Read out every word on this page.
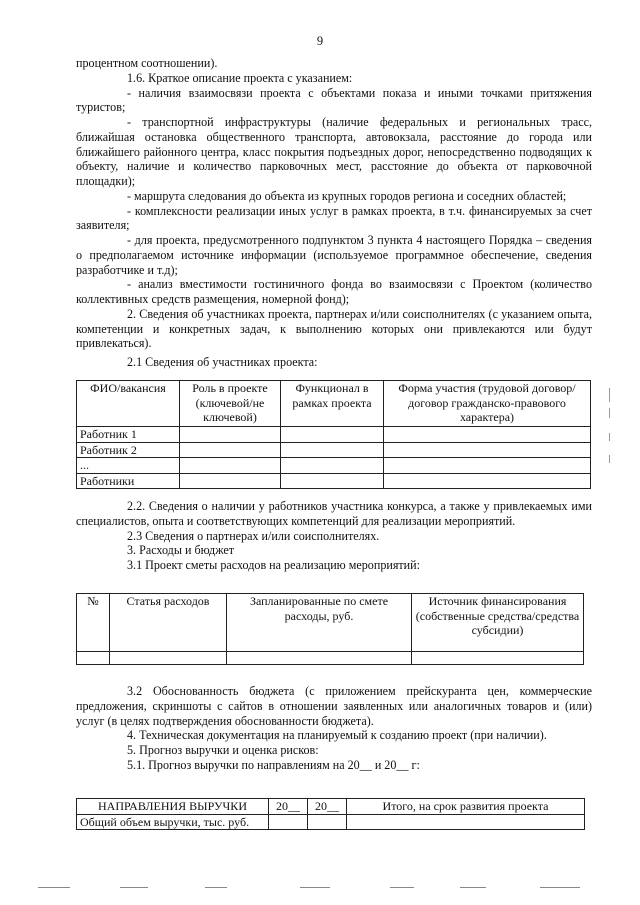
9

процентном соотношении).

1.6. Краткое описание проекта с указанием:

- наличия взаимосвязи проекта с объектами показа и иными точками притяжения туристов;

- транспортной инфраструктуры (наличие федеральных и региональных трасс, ближайшая остановка общественного транспорта, автовокзала, расстояние до города или ближайшего районного центра, класс покрытия подъездных дорог, непосредственно подводящих к объекту, наличие и количество парковочных мест, расстояние до объекта от парковочной площадки);

- маршрута следования до объекта из крупных городов региона и соседних областей;

- комплексности реализации иных услуг в рамках проекта, в т.ч. финансируемых за счет заявителя;

- для проекта, предусмотренного подпунктом 3 пункта 4 настоящего Порядка – сведения о предполагаемом источнике информации (используемое программное обеспечение, сведения разработчике и т.д);

- анализ вместимости гостиничного фонда во взаимосвязи с Проектом (количество коллективных средств размещения, номерной фонд);

2. Сведения об участниках проекта, партнерах и/или соисполнителях (с указанием опыта, компетенции и конкретных задач, к выполнению которых они привлекаются или будут привлекаться).

2.1 Сведения об участниках проекта:

ФИО/вакансия	Роль в проекте (ключевой/не ключевой)	Функционал в рамках проекта	Форма участия (трудовой договор/договор гражданско-правового характера)
Работник 1			
Работник 2			
...			
Работники			

2.2. Сведения о наличии у работников участника конкурса, а также у привлекаемых ими специалистов, опыта и соответствующих компетенций для реализации мероприятий.

2.3 Сведения о партнерах и/или соисполнителях.

3. Расходы и бюджет

3.1 Проект сметы расходов на реализацию мероприятий:

№	Статья расходов	Запланированные по смете расходы, руб.	Источник финансирования (собственные средства/средства субсидии)

3.2 Обоснованность бюджета (с приложением прейскуранта цен, коммерческие предложения, скриншоты с сайтов в отношении заявленных или аналогичных товаров и (или) услуг (в целях подтверждения обоснованности бюджета).

4. Техническая документация на планируемый к созданию проект (при наличии).

5. Прогноз выручки и оценка рисков:

5.1. Прогноз выручки по направлениям на 20__ и 20__ г:

НАПРАВЛЕНИЯ ВЫРУЧКИ	20__	20__	Итого, на срок развития проекта
Общий объем выручки, тыс. руб.			
